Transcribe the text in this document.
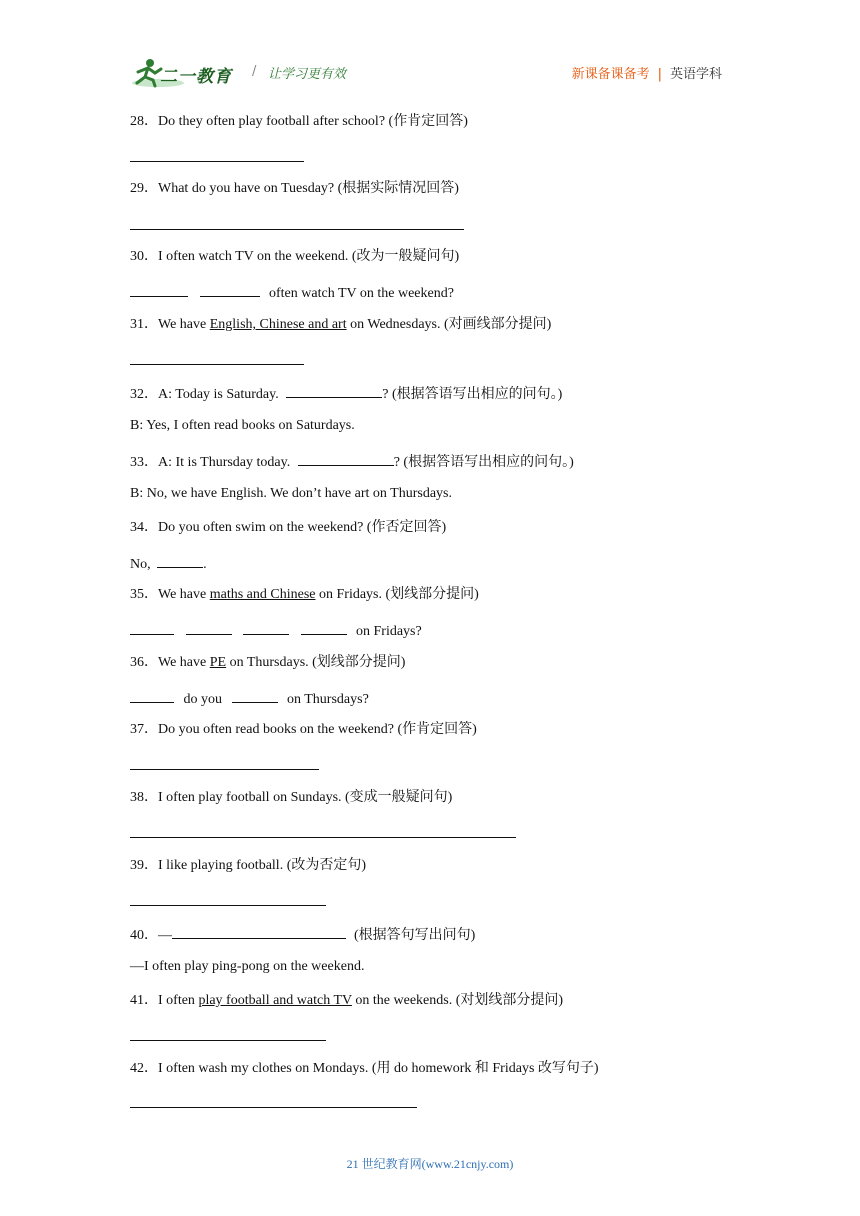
二一教育 / 让学习更有效	新课备课备考 | 英语学科
28．Do they often play football after school? (作肯定回答)
29．What do you have on Tuesday? (根据实际情况回答)
30．I often watch TV on the weekend. (改为一般疑问句)
often watch TV on the weekend?
31．We have English, Chinese and art on Wednesdays. (对画线部分提问)
32．A: Today is Saturday.	? (根据答语写出相应的问句。)
B: Yes, I often read books on Saturdays.
33．A: It is Thursday today.	? (根据答语写出相应的问句。)
B: No, we have English. We don’t have art on Thursdays.
34．Do you often swim on the weekend? (作否定回答)
No,	.
35．We have maths and Chinese on Fridays. (划线部分提问)
on Fridays?
36．We have PE on Thursdays. (划线部分提问)
do you	on Thursdays?
37．Do you often read books on the weekend? (作肯定回答)
38．I often play football on Sundays. (变成一般疑问句)
39．I like playing football. (改为否定句)
40．—	(根据答句写出问句)
—I often play ping-pong on the weekend.
41．I often play football and watch TV on the weekends. (对划线部分提问)
42．I often wash my clothes on Mondays. (用 do homework 和 Fridays 改写句子)
21 世纪教育网(www.21cnjy.com)
